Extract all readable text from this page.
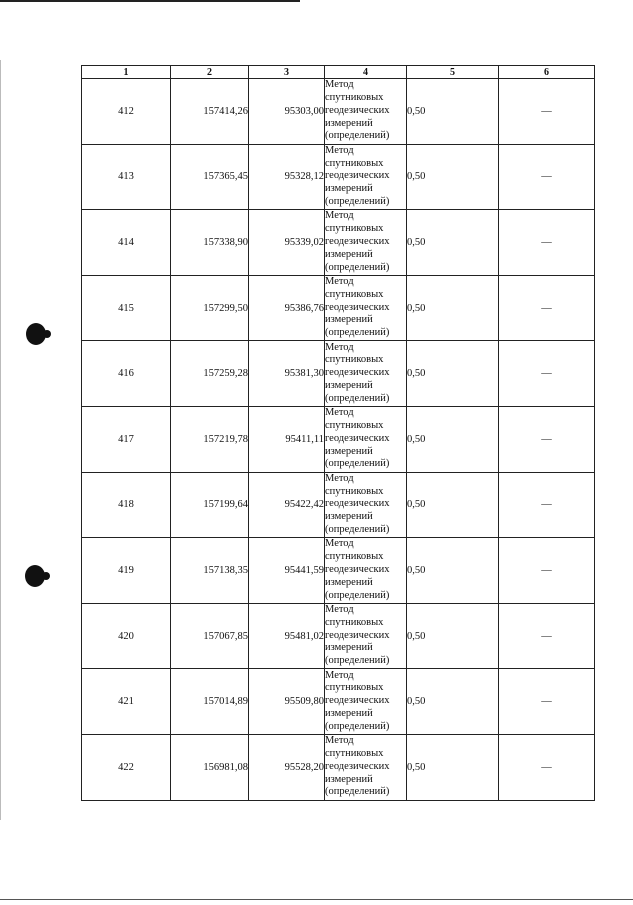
1	2	3	4	5	6
412	157414,26	95303,00	Метод
спутниковых
геодезических
измерений
(определений)	0,50	—
413	157365,45	95328,12	Метод
спутниковых
геодезических
измерений
(определений)	0,50	—
414	157338,90	95339,02	Метод
спутниковых
геодезических
измерений
(определений)	0,50	—
415	157299,50	95386,76	Метод
спутниковых
геодезических
измерений
(определений)	0,50	—
416	157259,28	95381,30	Метод
спутниковых
геодезических
измерений
(определений)	0,50	—
417	157219,78	95411,11	Метод
спутниковых
геодезических
измерений
(определений)	0,50	—
418	157199,64	95422,42	Метод
спутниковых
геодезических
измерений
(определений)	0,50	—
419	157138,35	95441,59	Метод
спутниковых
геодезических
измерений
(определений)	0,50	—
420	157067,85	95481,02	Метод
спутниковых
геодезических
измерений
(определений)	0,50	—
421	157014,89	95509,80	Метод
спутниковых
геодезических
измерений
(определений)	0,50	—
422	156981,08	95528,20	Метод
спутниковых
геодезических
измерений
(определений)	0,50	—
